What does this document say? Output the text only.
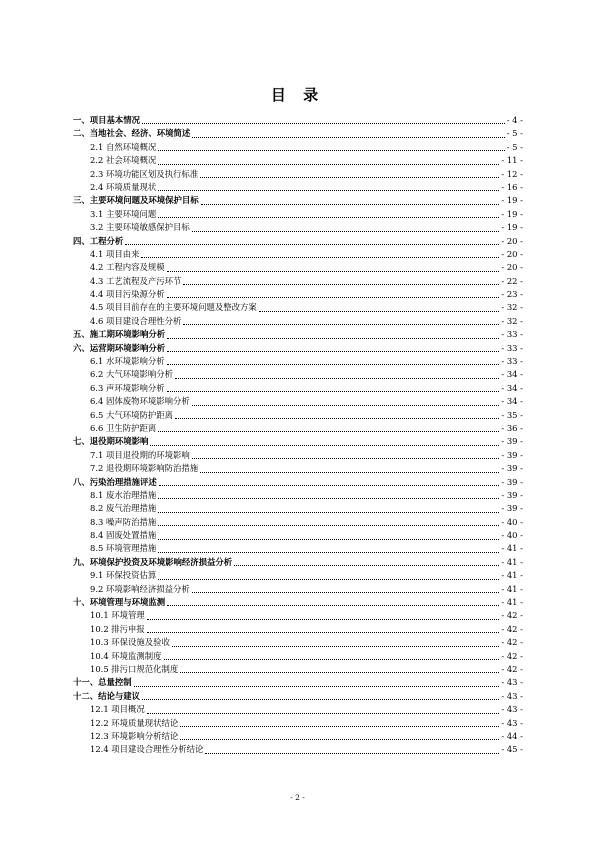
目 录
一、项目基本情况	- 4 -
二、当地社会、经济、环境简述	- 5 -
2.1 自然环境概况	- 5 -
2.2 社会环境概况	- 11 -
2.3 环境功能区划及执行标准	- 12 -
2.4 环境质量现状	- 16 -
三、主要环境问题及环境保护目标	- 19 -
3.1 主要环境问题	- 19 -
3.2 主要环境敏感保护目标	- 19 -
四、工程分析	- 20 -
4.1 项目由来	- 20 -
4.2 工程内容及规模	- 20 -
4.3 工艺流程及产污环节	- 22 -
4.4 项目污染源分析	- 23 -
4.5 项目目前存在的主要环境问题及整改方案	- 32 -
4.6 项目建设合理性分析	- 32 -
五、施工期环境影响分析	- 33 -
六、运营期环境影响分析	- 33 -
6.1 水环境影响分析	- 33 -
6.2 大气环境影响分析	- 34 -
6.3 声环境影响分析	- 34 -
6.4 固体废物环境影响分析	- 34 -
6.5 大气环境防护距离	- 35 -
6.6 卫生防护距离	- 36 -
七、退役期环境影响	- 39 -
7.1 项目退役期的环境影响	- 39 -
7.2 退役期环境影响防治措施	- 39 -
八、污染治理措施评述	- 39 -
8.1 废水治理措施	- 39 -
8.2 废气治理措施	- 39 -
8.3 噪声防治措施	- 40 -
8.4 固废处置措施	- 40 -
8.5 环境管理措施	- 41 -
九、环境保护投资及环境影响经济损益分析	- 41 -
9.1 环保投资估算	- 41 -
9.2 环境影响经济损益分析	- 41 -
十、环境管理与环境监测	- 41 -
10.1 环境管理	- 42 -
10.2 排污申报	- 42 -
10.3 环保设施及验收	- 42 -
10.4 环境监测制度	- 42 -
10.5 排污口规范化制度	- 42 -
十一、总量控制	- 43 -
十二、结论与建议	- 43 -
12.1 项目概况	- 43 -
12.2 环境质量现状结论	- 43 -
12.3 环境影响分析结论	- 44 -
12.4 项目建设合理性分析结论	- 45 -
- 2 -
